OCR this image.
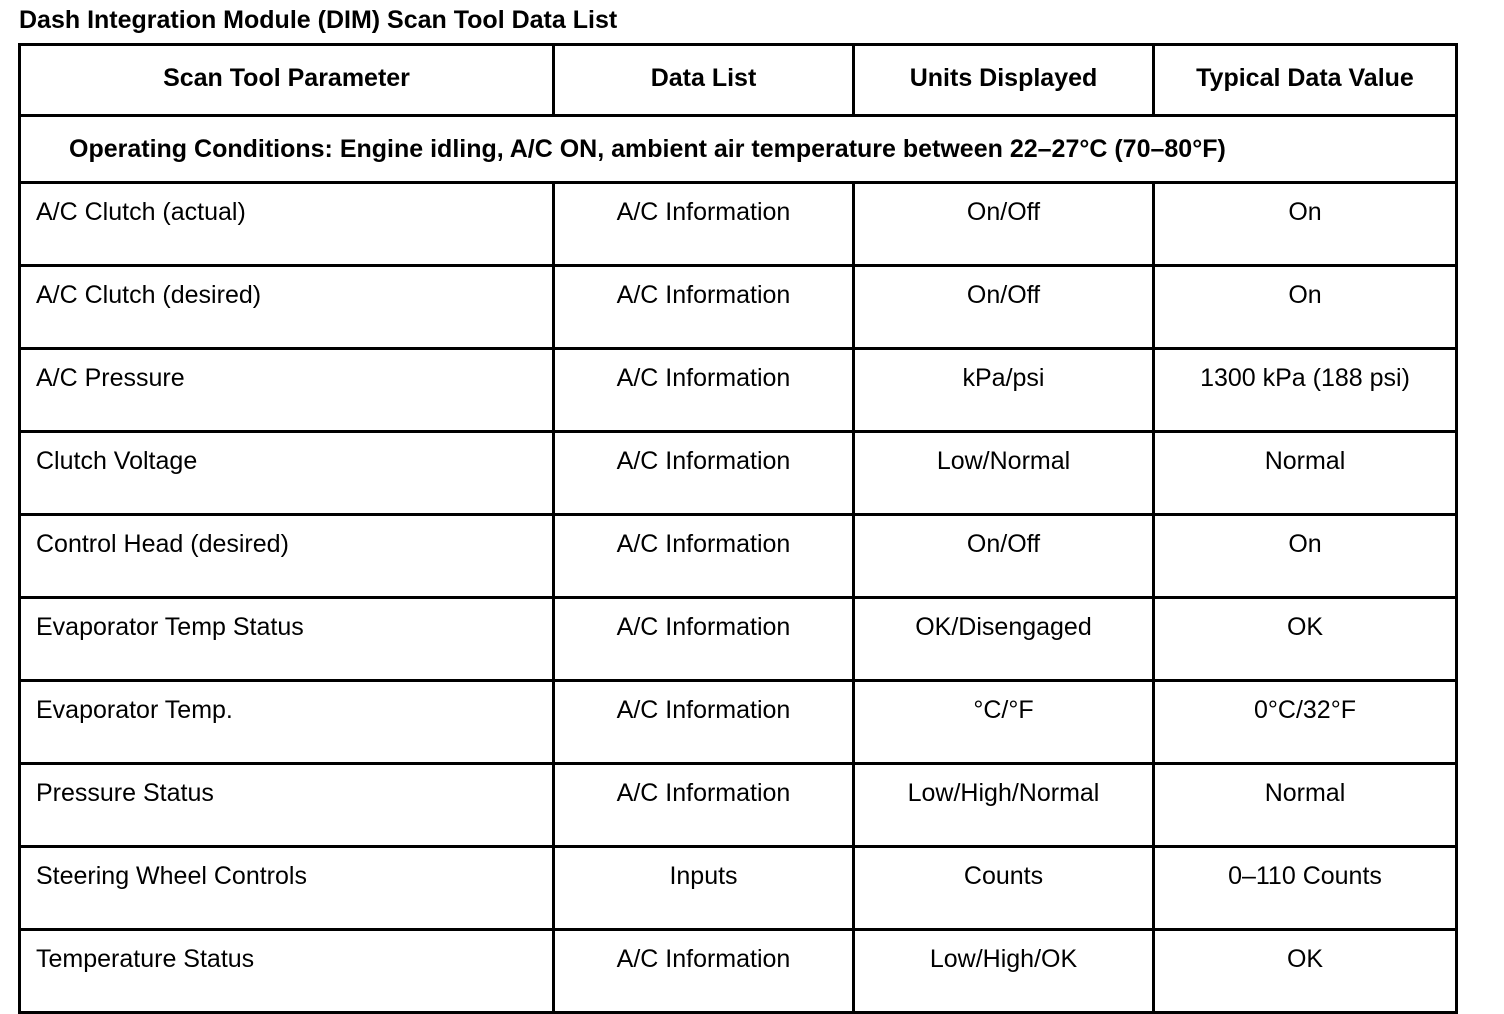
Dash Integration Module (DIM) Scan Tool Data List
Scan Tool Parameter	Data List	Units Displayed	Typical Data Value
Operating Conditions: Engine idling, A/C ON, ambient air temperature between 22–27°C (70–80°F)			
A/C Clutch (actual)	A/C Information	On/Off	On
A/C Clutch (desired)	A/C Information	On/Off	On
A/C Pressure	A/C Information	kPa/psi	1300 kPa (188 psi)
Clutch Voltage	A/C Information	Low/Normal	Normal
Control Head (desired)	A/C Information	On/Off	On
Evaporator Temp Status	A/C Information	OK/Disengaged	OK
Evaporator Temp.	A/C Information	°C/°F	0°C/32°F
Pressure Status	A/C Information	Low/High/Normal	Normal
Steering Wheel Controls	Inputs	Counts	0–110 Counts
Temperature Status	A/C Information	Low/High/OK	OK
